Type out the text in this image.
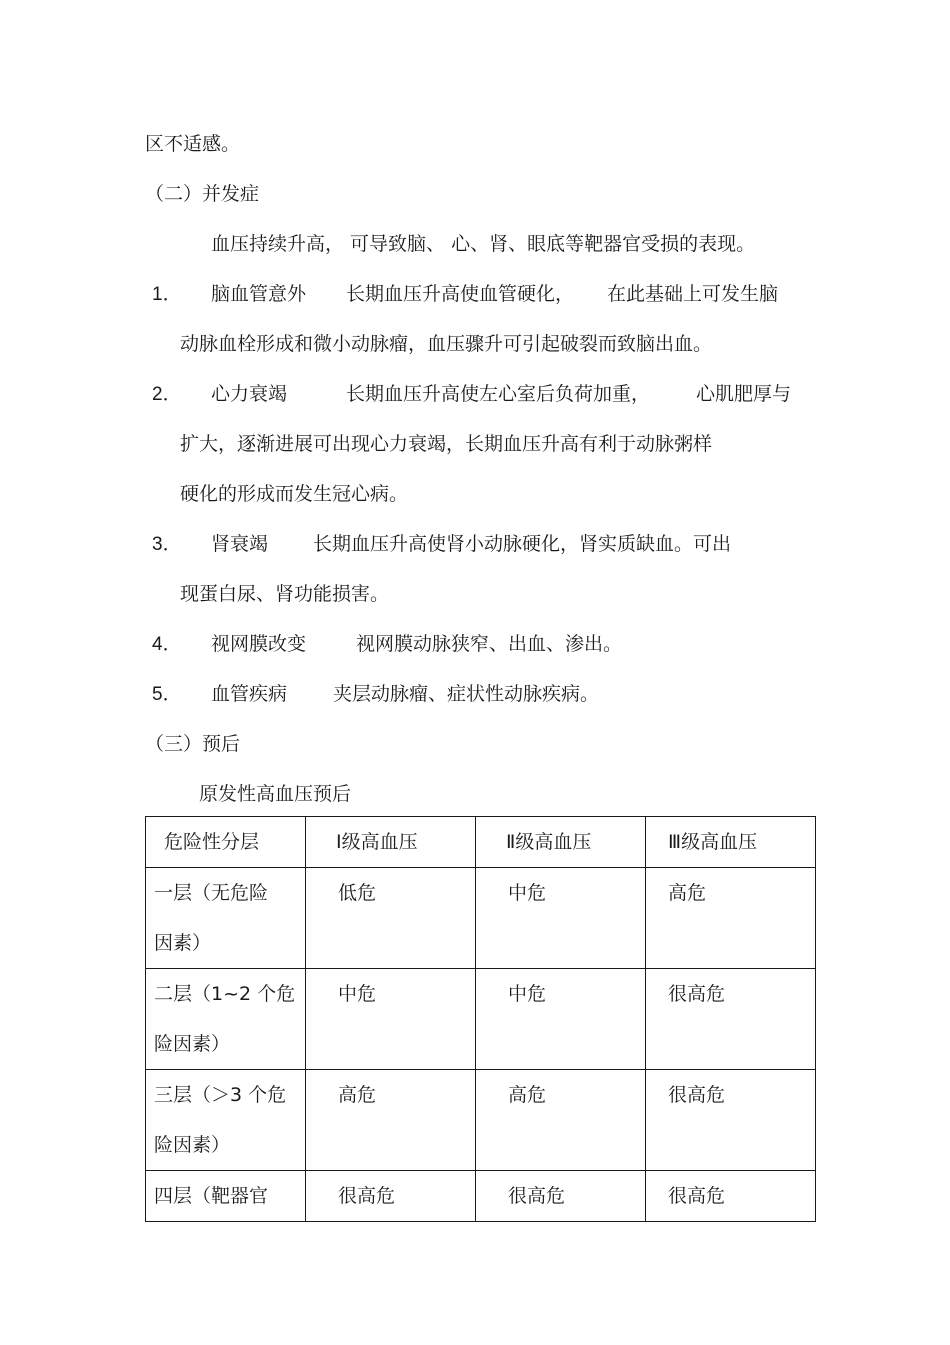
区不适感。
（二）并发症
血压持续升高， 可导致脑、 心、肾、眼底等靶器官受损的表现。
1． 脑血管意外 长期血压升高使血管硬化， 在此基础上可发生脑
动脉血栓形成和微小动脉瘤，血压骤升可引起破裂而致脑出血。
2． 心力衰竭	长期血压升高使左心室后负荷加重， 心肌肥厚与
扩大，逐渐进展可出现心力衰竭，长期血压升高有利于动脉粥样
硬化的形成而发生冠心病。
3． 肾衰竭 长期血压升高使肾小动脉硬化，肾实质缺血。可出
现蛋白尿、肾功能损害。
4． 视网膜改变	视网膜动脉狭窄、出血、渗出。
5． 血管疾病 夹层动脉瘤、症状性动脉疾病。
（三）预后
原发性高血压预后
危险性分层	Ⅰ级高血压	Ⅱ级高血压	Ⅲ级高血压

一层（无危险
因素）	低危	中危	高危

二层（1~2 个危
险因素）	中危	中危	很高危

三层（＞3 个危
险因素）	高危	高危	很高危

四层（靶器官	很高危	很高危	很高危
